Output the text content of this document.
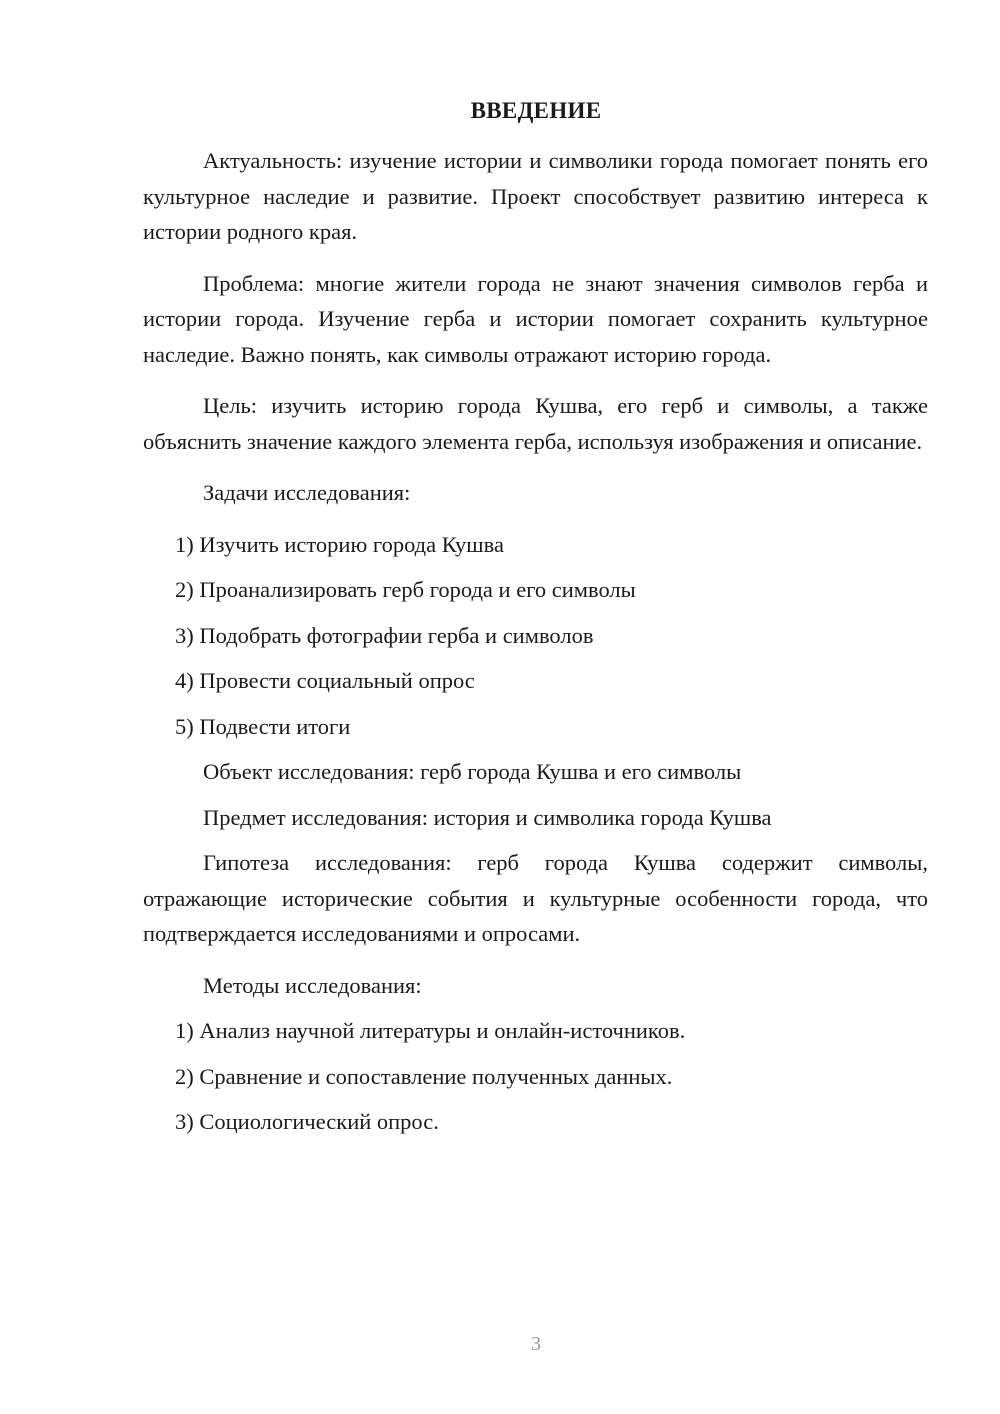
ВВЕДЕНИЕ

Актуальность: изучение истории и символики города помогает понять его культурное наследие и развитие. Проект способствует развитию интереса к истории родного края.

Проблема: многие жители города не знают значения символов герба и истории города. Изучение герба и истории помогает сохранить культурное наследие. Важно понять, как символы отражают историю города.

Цель: изучить историю города Кушва, его герб и символы, а также объяснить значение каждого элемента герба, используя изображения и описание.

Задачи исследования:

1) Изучить историю города Кушва
2) Проанализировать герб города и его символы
3) Подобрать фотографии герба и символов
4) Провести социальный опрос
5) Подвести итоги

Объект исследования: герб города Кушва и его символы

Предмет исследования: история и символика города Кушва

Гипотеза исследования: герб города Кушва содержит символы, отражающие исторические события и культурные особенности города, что подтверждается исследованиями и опросами.

Методы исследования:

1) Анализ научной литературы и онлайн-источников.
2) Сравнение и сопоставление полученных данных.
3) Социологический опрос.
3
